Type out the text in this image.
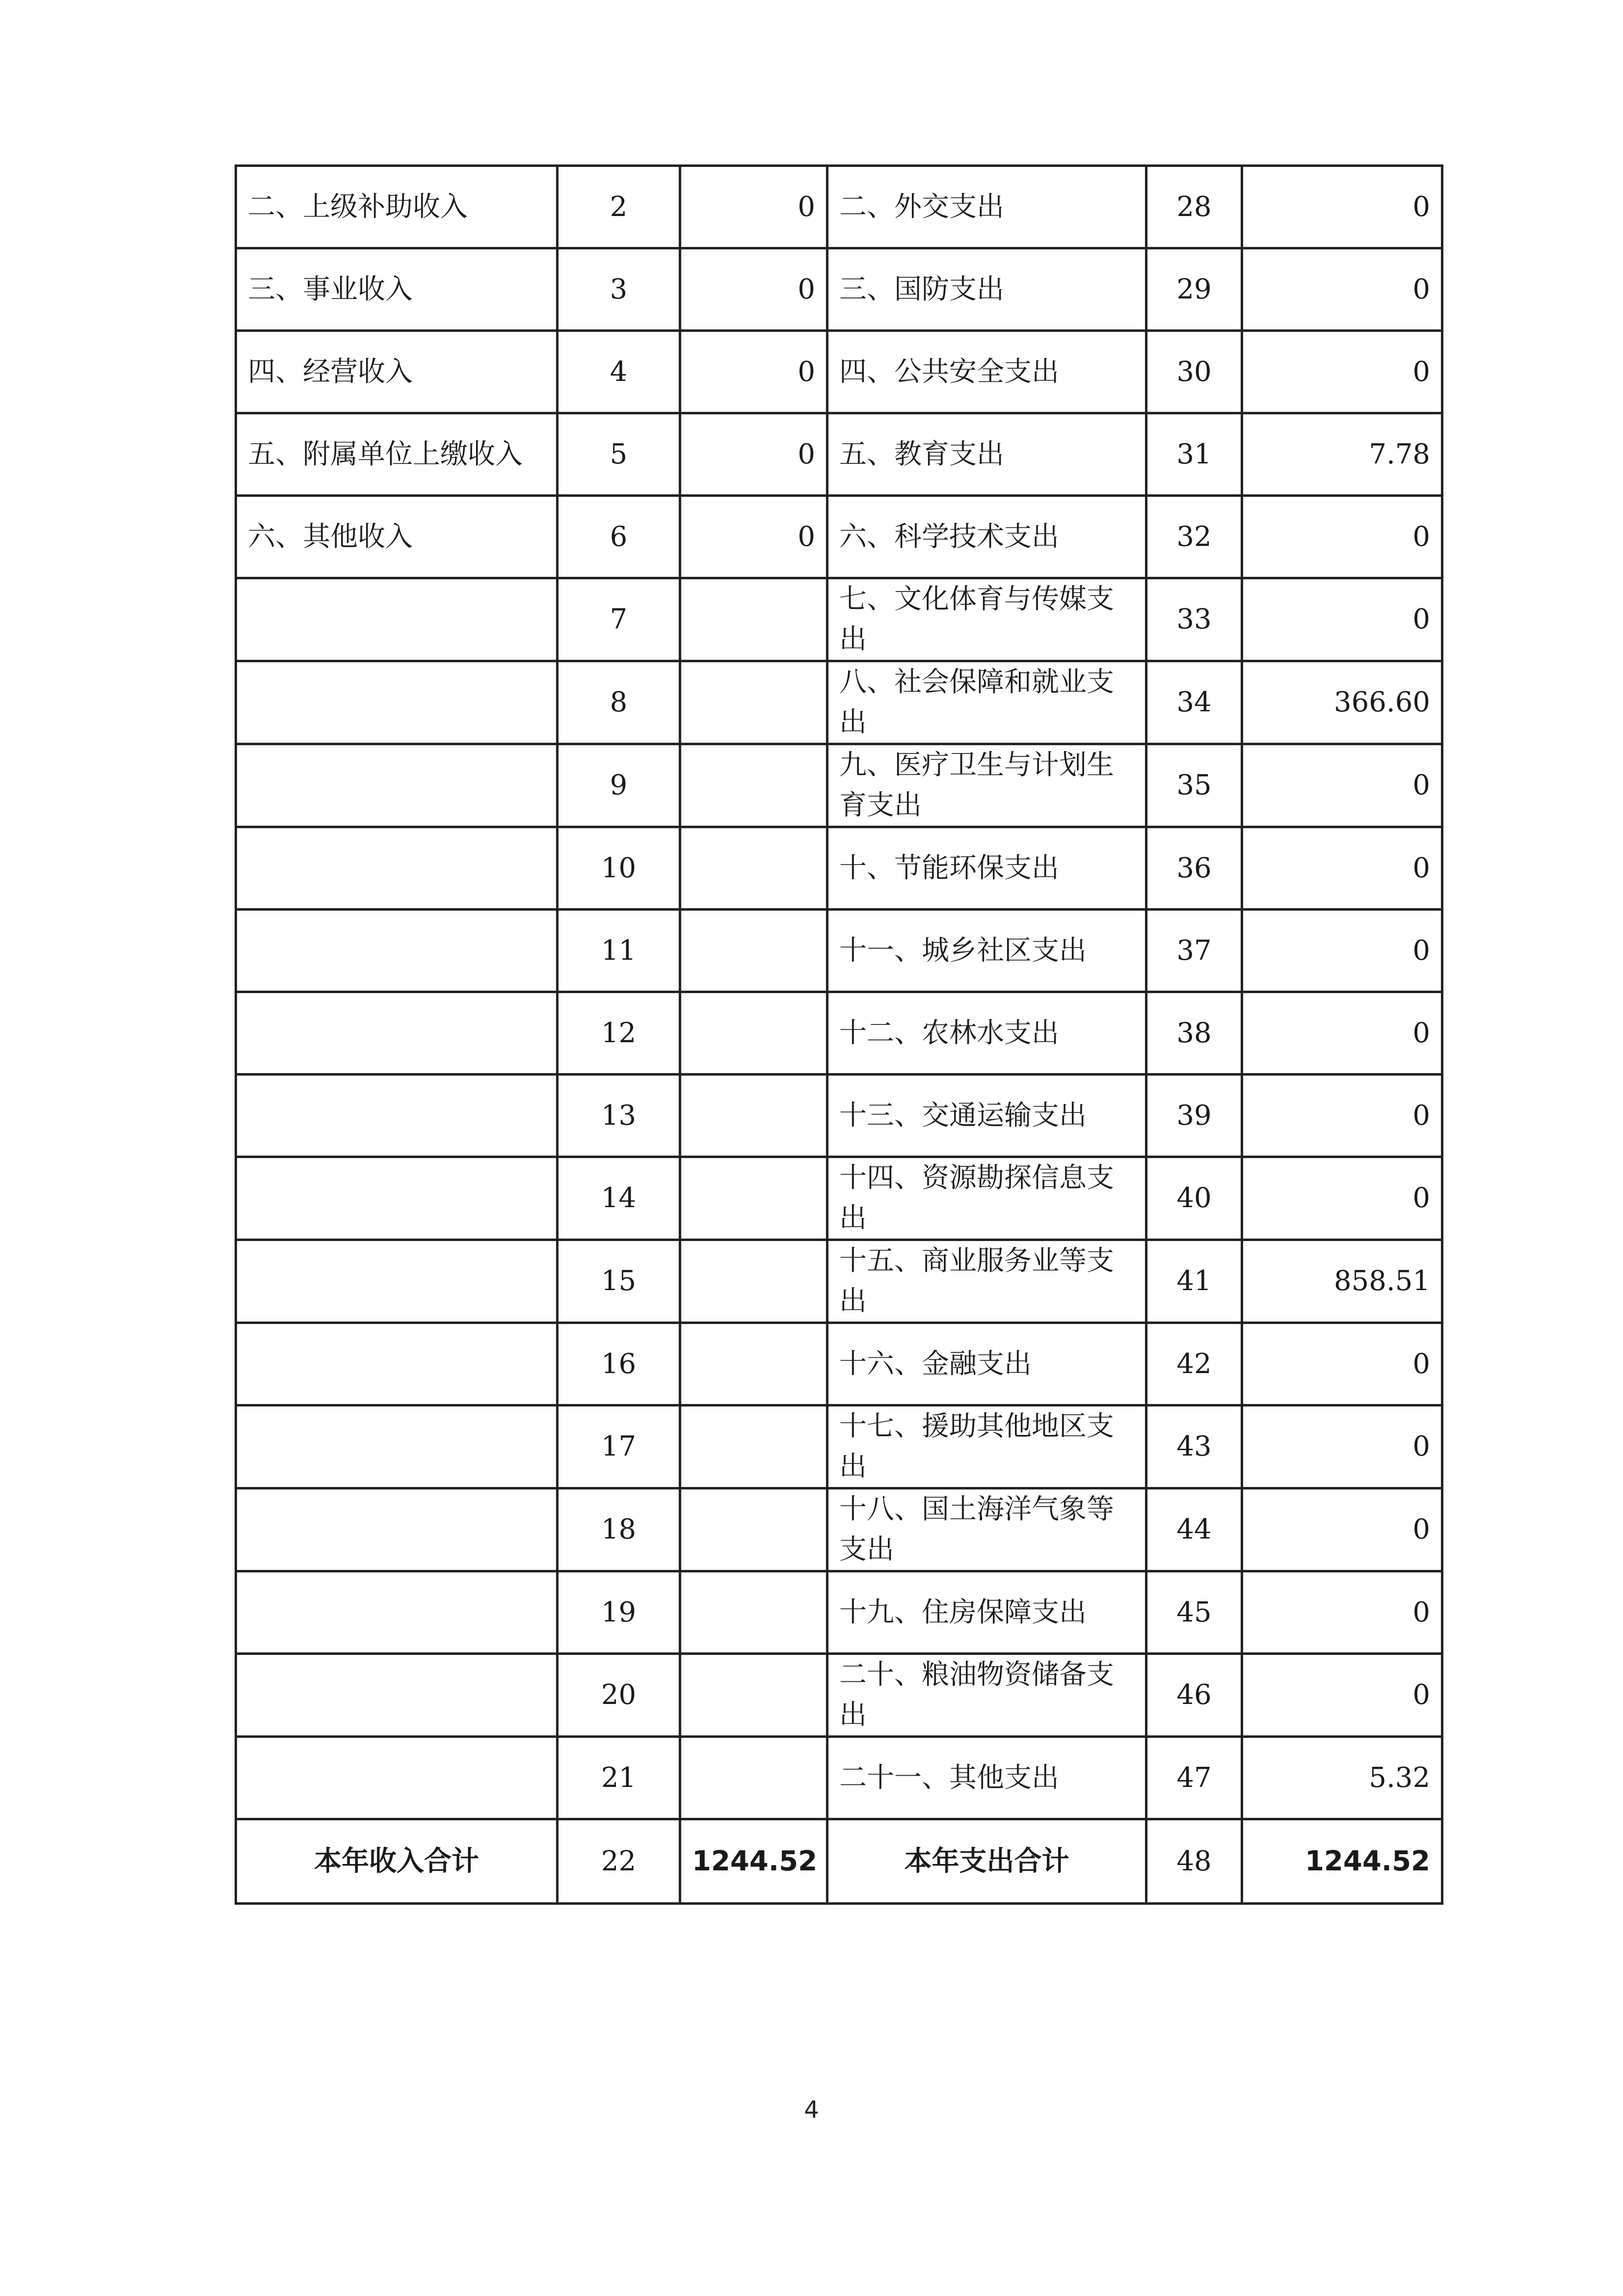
二、上级补助收入	2	0	二、外交支出	28	0
三、事业收入	3	0	三、国防支出	29	0
四、经营收入	4	0	四、公共安全支出	30	0
五、附属单位上缴收入	5	0	五、教育支出	31	7.78
六、其他收入	6	0	六、科学技术支出	32	0
	7		七、文化体育与传媒支出	33	0
	8		八、社会保障和就业支出	34	366.60
	9		九、医疗卫生与计划生育支出	35	0
	10		十、节能环保支出	36	0
	11		十一、城乡社区支出	37	0
	12		十二、农林水支出	38	0
	13		十三、交通运输支出	39	0
	14		十四、资源勘探信息支出	40	0
	15		十五、商业服务业等支出	41	858.51
	16		十六、金融支出	42	0
	17		十七、援助其他地区支出	43	0
	18		十八、国土海洋气象等支出	44	0
	19		十九、住房保障支出	45	0
	20		二十、粮油物资储备支出	46	0
	21		二十一、其他支出	47	5.32
本年收入合计	22	1244.52	本年支出合计	48	1244.52
4
